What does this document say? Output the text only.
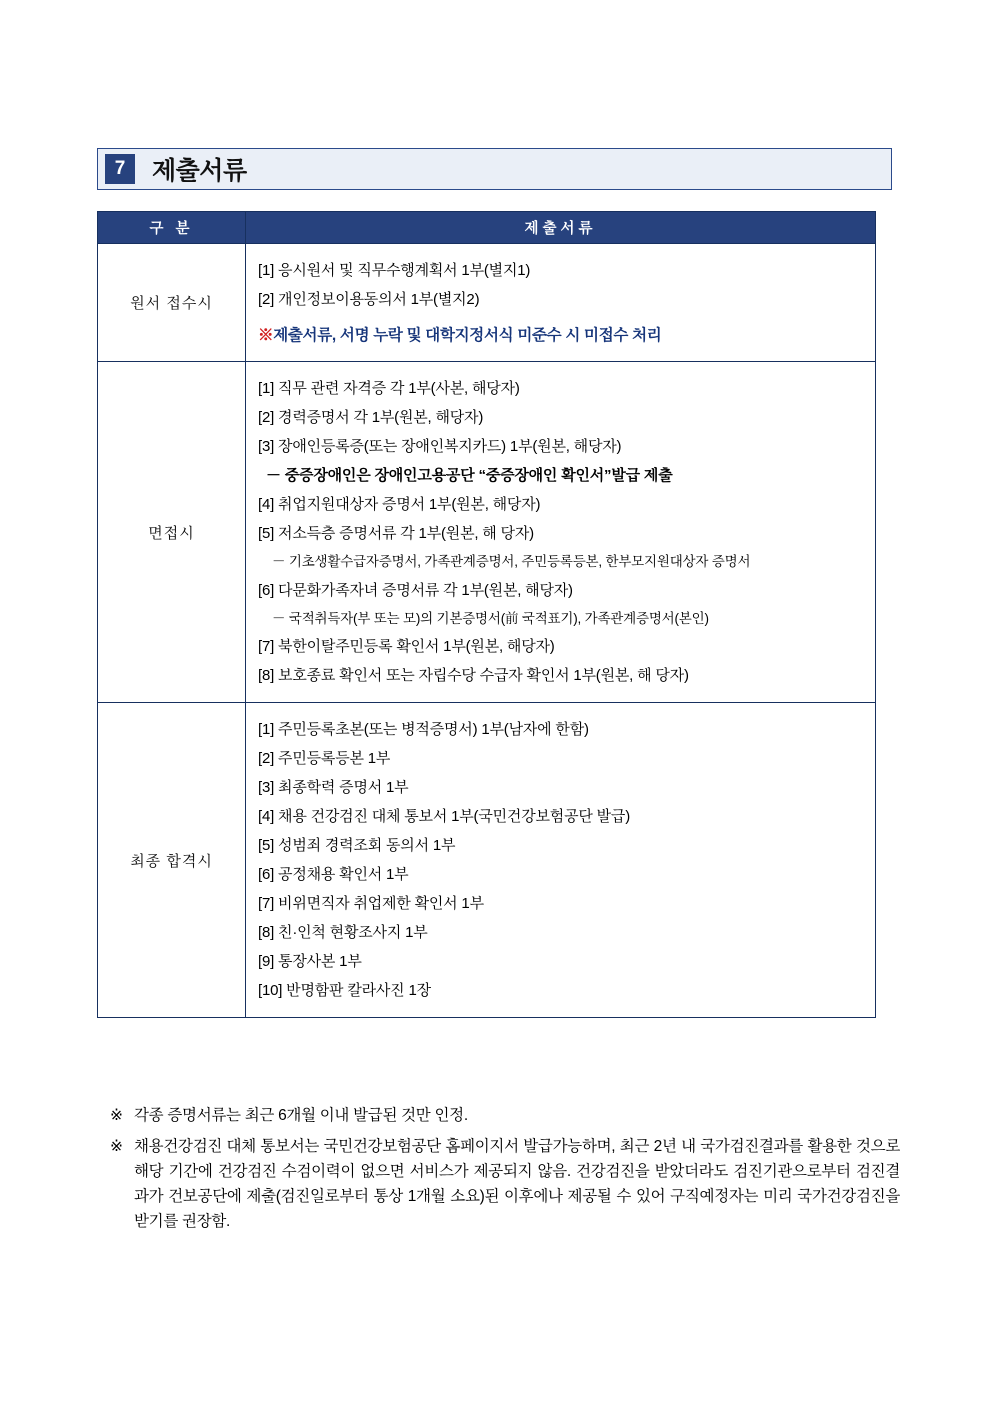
7	제출서류
구 분	제출서류
원서 접수시	[1] 응시원서 및 직무수행계획서 1부(별지1)
[2] 개인정보이용동의서 1부(별지2)
※제출서류, 서명 누락 및 대학지정서식 미준수 시 미접수 처리

면접시	
[1] 직무 관련 자격증 각 1부(사본, 해당자)
[2] 경력증명서 각 1부(원본, 해당자)
[3] 장애인등록증(또는 장애인복지카드) 1부(원본, 해당자)
－ 중증장애인은 장애인고용공단 “중증장애인 확인서”발급 제출
[4] 취업지원대상자 증명서 1부(원본, 해당자)
[5] 저소득층 증명서류 각 1부(원본, 해 당자)
－ 기초생활수급자증명서, 가족관계증명서, 주민등록등본, 한부모지원대상자 증명서
[6] 다문화가족자녀 증명서류 각 1부(원본, 해당자)
－ 국적취득자(부 또는 모)의 기본증명서(前 국적표기), 가족관계증명서(본인)
[7] 북한이탈주민등록 확인서 1부(원본, 해당자)
[8] 보호종료 확인서 또는 자립수당 수급자 확인서 1부(원본, 해 당자)

최종 합격시	
[1] 주민등록초본(또는 병적증명서) 1부(남자에 한함)
[2] 주민등록등본 1부
[3] 최종학력 증명서 1부
[4] 채용 건강검진 대체 통보서 1부(국민건강보험공단 발급)
[5] 성범죄 경력조회 동의서 1부
[6] 공정채용 확인서 1부
[7] 비위면직자 취업제한 확인서 1부
[8] 친·인척 현황조사지 1부
[9] 통장사본 1부
[10] 반명함판 칼라사진 1장
※ 각종 증명서류는 최근 6개월 이내 발급된 것만 인정.
※ 채용건강검진 대체 통보서는 국민건강보험공단 홈페이지서 발급가능하며, 최근 2년 내 국가검진결과를 활용한 것으로 해당 기간에 건강검진 수검이력이 없으면 서비스가 제공되지 않음. 건강검진을 받았더라도 검진기관으로부터 검진결과가 건보공단에 제출(검진일로부터 통상 1개월 소요)된 이후에나 제공될 수 있어 구직예정자는 미리 국가건강검진을 받기를 권장함.
